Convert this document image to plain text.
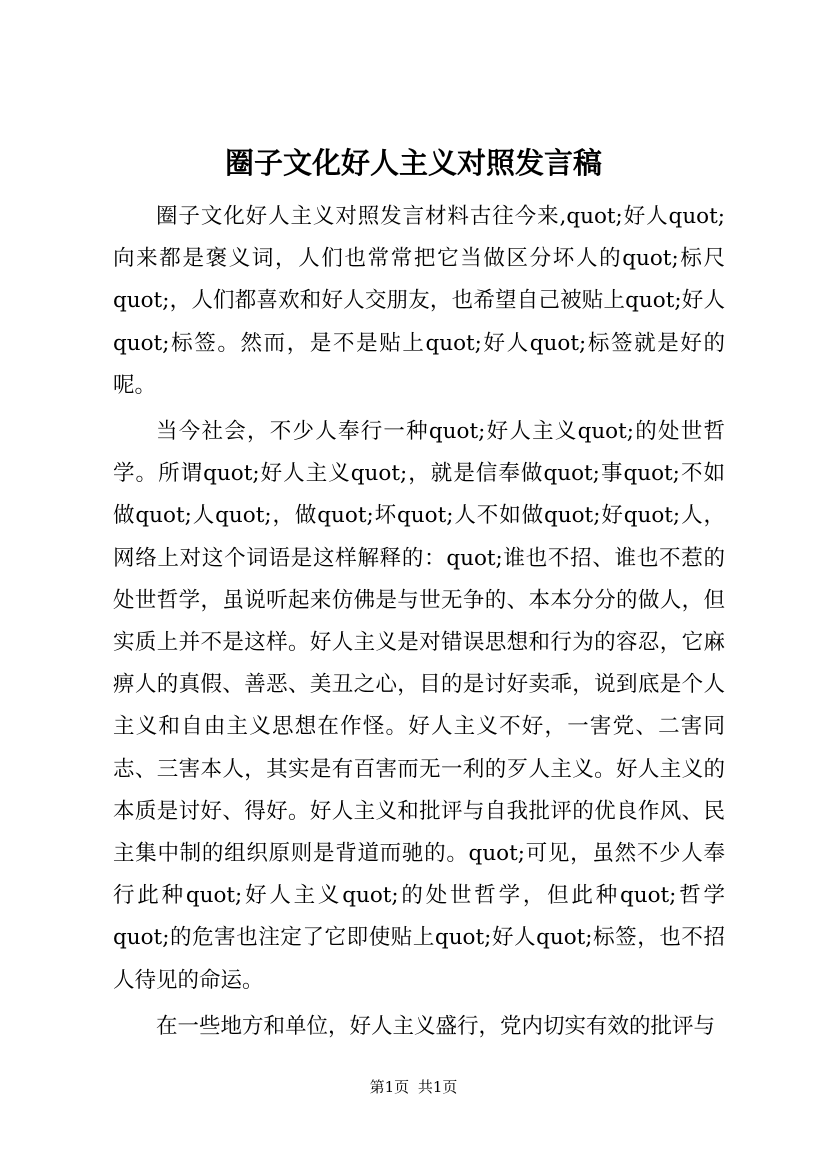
圈子文化好人主义对照发言稿

圈子文化好人主义对照发言材料古往今来,quot;好人quot;向来都是褒义词，人们也常常把它当做区分坏人的quot;标尺quot;，人们都喜欢和好人交朋友，也希望自己被贴上quot;好人quot;标签。然而，是不是贴上quot;好人quot;标签就是好的呢。

当今社会，不少人奉行一种quot;好人主义quot;的处世哲学。所谓quot;好人主义quot;，就是信奉做quot;事quot;不如做quot;人quot;，做quot;坏quot;人不如做quot;好quot;人，网络上对这个词语是这样解释的：quot;谁也不招、谁也不惹的处世哲学，虽说听起来仿佛是与世无争的、本本分分的做人，但实质上并不是这样。好人主义是对错误思想和行为的容忍，它麻痹人的真假、善恶、美丑之心，目的是讨好卖乖，说到底是个人主义和自由主义思想在作怪。好人主义不好，一害党、二害同志、三害本人，其实是有百害而无一利的歹人主义。好人主义的本质是讨好、得好。好人主义和批评与自我批评的优良作风、民主集中制的组织原则是背道而驰的。quot;可见，虽然不少人奉行此种quot;好人主义quot;的处世哲学，但此种quot;哲学quot;的危害也注定了它即使贴上quot;好人quot;标签，也不招人待见的命运。

在一些地方和单位，好人主义盛行，党内切实有效的批评与

第1页 共1页
